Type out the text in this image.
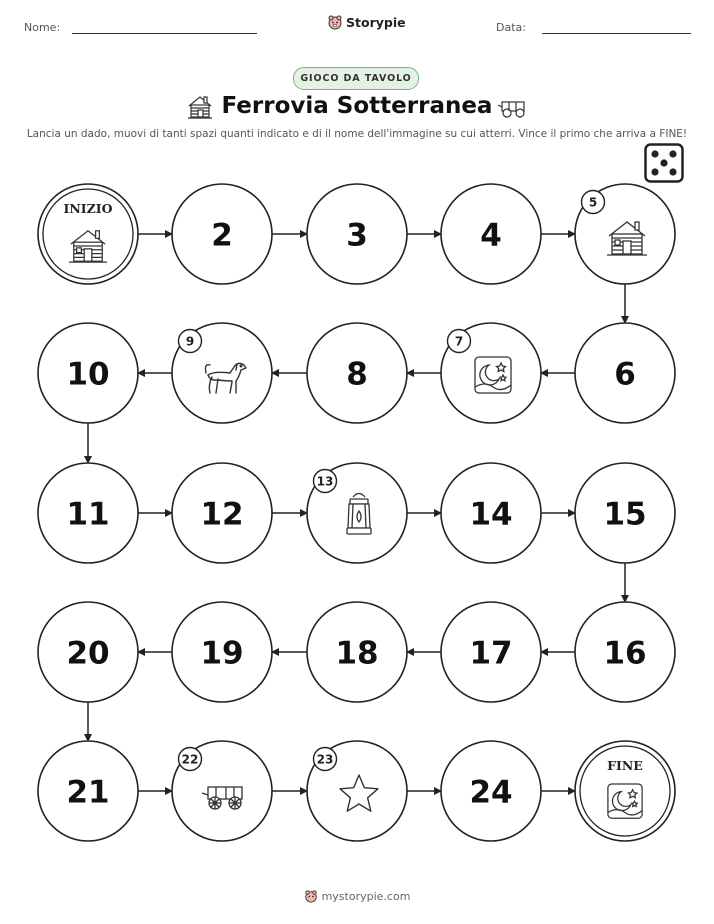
Nome:	Storypie	Data:
GIOCO DA TAVOLO
Ferrovia Sotterranea
Lancia un dado, muovi di tanti spazi quanti indicato e di il nome dell'immagine su cui atterri. Vince il primo che arriva a FINE!
INIZIO
2	3	4
5
6
7
8
9
10
11	12
13
14	15
16
17
18
19
20
21
22	23
24
FINE
mystorypie.com
